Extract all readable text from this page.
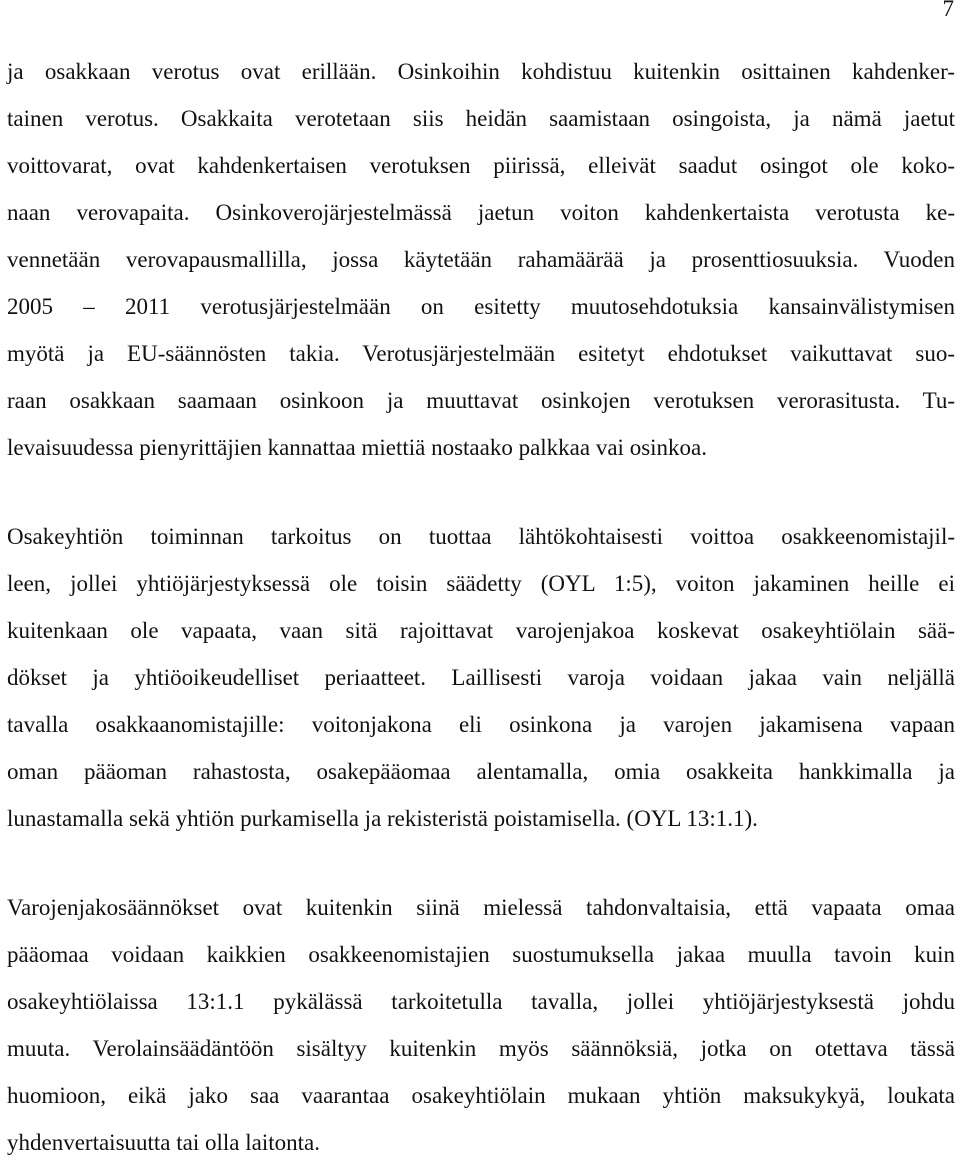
7
ja osakkaan verotus ovat erillään. Osinkoihin kohdistuu kuitenkin osittainen kahdenker-
tainen verotus. Osakkaita verotetaan siis heidän saamistaan osingoista, ja nämä jaetut
voittovarat, ovat kahdenkertaisen verotuksen piirissä, elleivät saadut osingot ole koko-
naan verovapaita. Osinkoverojärjestelmässä jaetun voiton kahdenkertaista verotusta ke-
vennetään verovapausmallilla, jossa käytetään rahamäärää ja prosenttiosuuksia. Vuoden
2005 – 2011 verotusjärjestelmään on esitetty muutosehdotuksia kansainvälistymisen
myötä ja EU-säännösten takia. Verotusjärjestelmään esitetyt ehdotukset vaikuttavat suo-
raan osakkaan saamaan osinkoon ja muuttavat osinkojen verotuksen verorasitusta. Tu-
levaisuudessa pienyrittäjien kannattaa miettiä nostaako palkkaa vai osinkoa.
Osakeyhtiön toiminnan tarkoitus on tuottaa lähtökohtaisesti voittoa osakkeenomistajil-
leen, jollei yhtiöjärjestyksessä ole toisin säädetty (OYL 1:5), voiton jakaminen heille ei
kuitenkaan ole vapaata, vaan sitä rajoittavat varojenjakoa koskevat osakeyhtiölain sää-
dökset ja yhtiöoikeudelliset periaatteet. Laillisesti varoja voidaan jakaa vain neljällä
tavalla osakkaanomistajille: voitonjakona eli osinkona ja varojen jakamisena vapaan
oman pääoman rahastosta, osakepääomaa alentamalla, omia osakkeita hankkimalla ja
lunastamalla sekä yhtiön purkamisella ja rekisteristä poistamisella. (OYL 13:1.1).
Varojenjakosäännökset ovat kuitenkin siinä mielessä tahdonvaltaisia, että vapaata omaa
pääomaa voidaan kaikkien osakkeenomistajien suostumuksella jakaa muulla tavoin kuin
osakeyhtiölaissa 13:1.1 pykälässä tarkoitetulla tavalla, jollei yhtiöjärjestyksestä johdu
muuta. Verolainsäädäntöön sisältyy kuitenkin myös säännöksiä, jotka on otettava tässä
huomioon, eikä jako saa vaarantaa osakeyhtiölain mukaan yhtiön maksukykyä, loukata
yhdenvertaisuutta tai olla laitonta.
